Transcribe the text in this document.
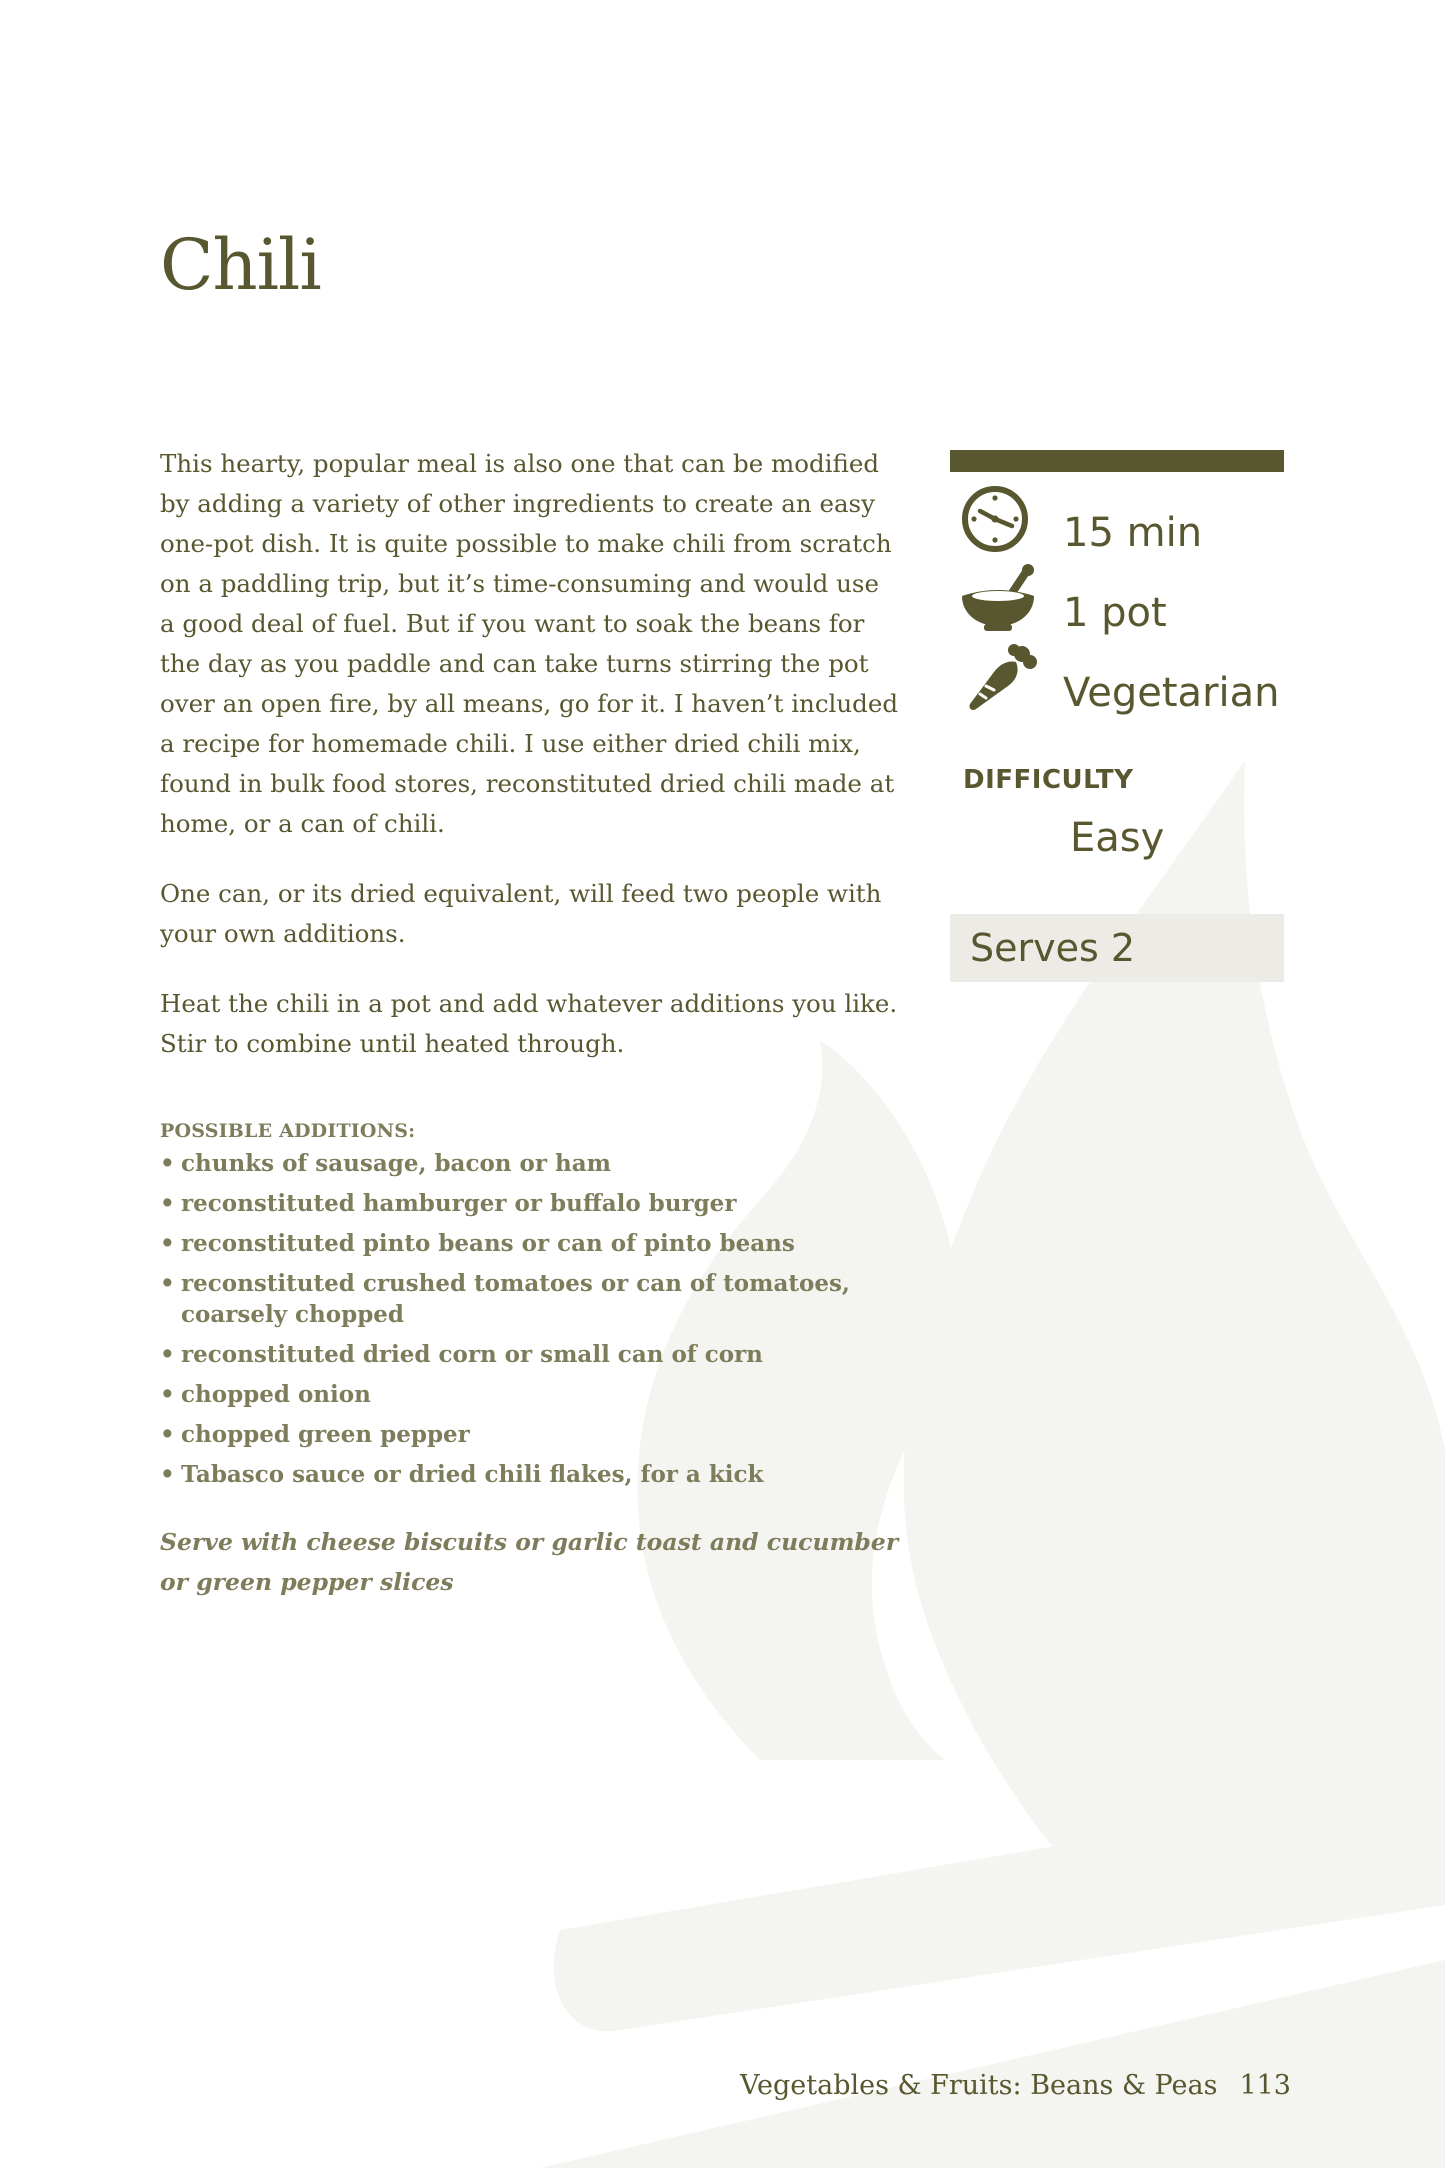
Chili

This hearty, popular meal is also one that can be modified by adding a variety of other ingredients to create an easy one-pot dish. It is quite possible to make chili from scratch on a paddling trip, but it’s time-consuming and would use a good deal of fuel. But if you want to soak the beans for the day as you paddle and can take turns stirring the pot over an open fire, by all means, go for it. I haven’t included a recipe for homemade chili. I use either dried chili mix, found in bulk food stores, reconstituted dried chili made at home, or a can of chili.

One can, or its dried equivalent, will feed two people with your own additions.

Heat the chili in a pot and add whatever additions you like. Stir to combine until heated through.

POSSIBLE ADDITIONS:
• chunks of sausage, bacon or ham
• reconstituted hamburger or buffalo burger
• reconstituted pinto beans or can of pinto beans
• reconstituted crushed tomatoes or can of tomatoes, coarsely chopped
• reconstituted dried corn or small can of corn
• chopped onion
• chopped green pepper
• Tabasco sauce or dried chili flakes, for a kick

Serve with cheese biscuits or garlic toast and cucumber or green pepper slices

15 min
1 pot
Vegetarian
DIFFICULTY
Easy
Serves 2
Vegetables & Fruits: Beans & Peas 113
